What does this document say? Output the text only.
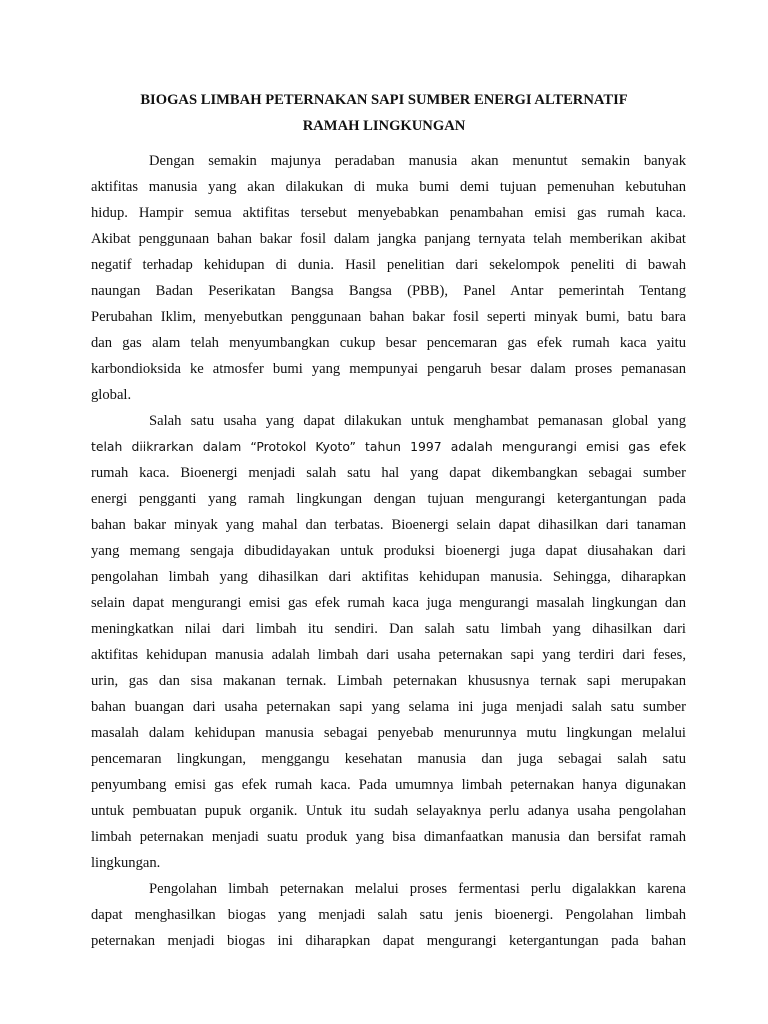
BIOGAS LIMBAH PETERNAKAN SAPI SUMBER ENERGI ALTERNATIF
RAMAH LINGKUNGAN
Dengan semakin majunya peradaban manusia akan menuntut semakin banyak
aktifitas manusia yang akan dilakukan di muka bumi demi tujuan pemenuhan kebutuhan
hidup. Hampir semua aktifitas tersebut menyebabkan penambahan emisi gas rumah kaca.
Akibat penggunaan bahan bakar fosil dalam jangka panjang ternyata telah memberikan akibat
negatif terhadap kehidupan di dunia. Hasil penelitian dari sekelompok peneliti di bawah
naungan Badan Peserikatan Bangsa Bangsa (PBB), Panel Antar pemerintah Tentang
Perubahan Iklim, menyebutkan penggunaan bahan bakar fosil seperti minyak bumi, batu bara
dan gas alam telah menyumbangkan cukup besar pencemaran gas efek rumah kaca yaitu
karbondioksida ke atmosfer bumi yang mempunyai pengaruh besar dalam proses pemanasan
global.
Salah satu usaha yang dapat dilakukan untuk menghambat pemanasan global yang
telah diikrarkan dalam “Protokol Kyoto” tahun 1997 adalah mengurangi emisi gas efek
rumah kaca. Bioenergi menjadi salah satu hal yang dapat dikembangkan sebagai sumber
energi pengganti yang ramah lingkungan dengan tujuan mengurangi ketergantungan pada
bahan bakar minyak yang mahal dan terbatas. Bioenergi selain dapat dihasilkan dari tanaman
yang memang sengaja dibudidayakan untuk produksi bioenergi juga dapat diusahakan dari
pengolahan limbah yang dihasilkan dari aktifitas kehidupan manusia. Sehingga, diharapkan
selain dapat mengurangi emisi gas efek rumah kaca juga mengurangi masalah lingkungan dan
meningkatkan nilai dari limbah itu sendiri. Dan salah satu limbah yang dihasilkan dari
aktifitas kehidupan manusia adalah limbah dari usaha peternakan sapi yang terdiri dari feses,
urin, gas dan sisa makanan ternak. Limbah peternakan khususnya ternak sapi merupakan
bahan buangan dari usaha peternakan sapi yang selama ini juga menjadi salah satu sumber
masalah dalam kehidupan manusia sebagai penyebab menurunnya mutu lingkungan melalui
pencemaran lingkungan, menggangu kesehatan manusia dan juga sebagai salah satu
penyumbang emisi gas efek rumah kaca. Pada umumnya limbah peternakan hanya digunakan
untuk pembuatan pupuk organik. Untuk itu sudah selayaknya perlu adanya usaha pengolahan
limbah peternakan menjadi suatu produk yang bisa dimanfaatkan manusia dan bersifat ramah
lingkungan.
Pengolahan limbah peternakan melalui proses fermentasi perlu digalakkan karena
dapat menghasilkan biogas yang menjadi salah satu jenis bioenergi. Pengolahan limbah
peternakan menjadi biogas ini diharapkan dapat mengurangi ketergantungan pada bahan
